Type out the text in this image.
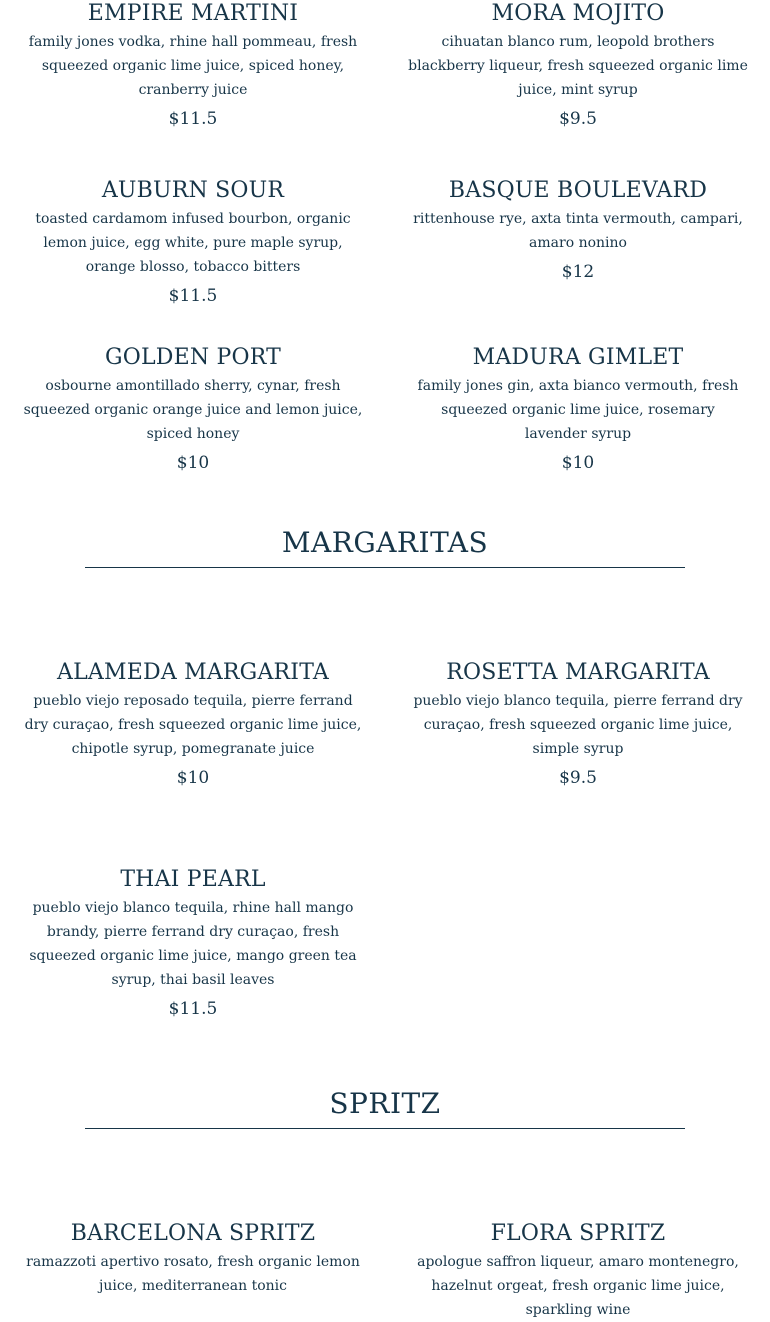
EMPIRE MARTINI
family jones vodka, rhine hall pommeau, fresh squeezed organic lime juice, spiced honey, cranberry juice
$11.5
MORA MOJITO
cihuatan blanco rum, leopold brothers blackberry liqueur, fresh squeezed organic lime juice, mint syrup
$9.5
AUBURN SOUR
toasted cardamom infused bourbon, organic lemon juice, egg white, pure maple syrup, orange blosso, tobacco bitters
$11.5
BASQUE BOULEVARD
rittenhouse rye, axta tinta vermouth, campari, amaro nonino
$12
GOLDEN PORT
osbourne amontillado sherry, cynar, fresh squeezed organic orange juice and lemon juice, spiced honey
$10
MADURA GIMLET
family jones gin, axta bianco vermouth, fresh squeezed organic lime juice, rosemary lavender syrup
$10
MARGARITAS
ALAMEDA MARGARITA
pueblo viejo reposado tequila, pierre ferrand dry curaçao, fresh squeezed organic lime juice, chipotle syrup, pomegranate juice
$10
ROSETTA MARGARITA
pueblo viejo blanco tequila, pierre ferrand dry curaçao, fresh squeezed organic lime juice, simple syrup
$9.5
THAI PEARL
pueblo viejo blanco tequila, rhine hall mango brandy, pierre ferrand dry curaçao, fresh squeezed organic lime juice, mango green tea syrup, thai basil leaves
$11.5
SPRITZ
BARCELONA SPRITZ
ramazzoti apertivo rosato, fresh organic lemon juice, mediterranean tonic
FLORA SPRITZ
apologue saffron liqueur, amaro montenegro, hazelnut orgeat, fresh organic lime juice, sparkling wine
